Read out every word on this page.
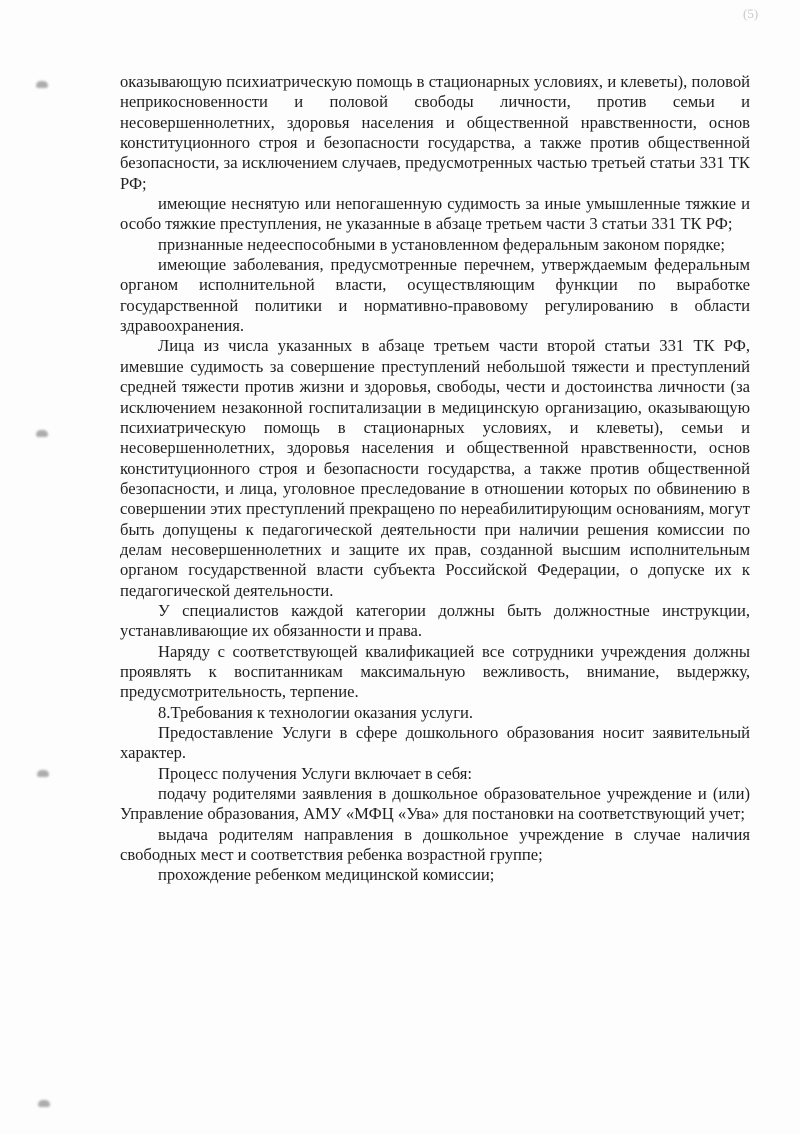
(5)

оказывающую психиатрическую помощь в стационарных условиях, и клеветы), половой неприкосновенности и половой свободы личности, против семьи и несовершеннолетних, здоровья населения и общественной нравственности, основ конституционного строя и безопасности государства, а также против общественной безопасности, за исключением случаев, предусмотренных частью третьей статьи 331 ТК РФ;

имеющие неснятую или непогашенную судимость за иные умышленные тяжкие и особо тяжкие преступления, не указанные в абзаце третьем части 3 статьи 331 ТК РФ;

признанные недееспособными в установленном федеральным законом порядке;

имеющие заболевания, предусмотренные перечнем, утверждаемым федеральным органом исполнительной власти, осуществляющим функции по выработке государственной политики и нормативно-правовому регулированию в области здравоохранения.

Лица из числа указанных в абзаце третьем части второй статьи 331 ТК РФ, имевшие судимость за совершение преступлений небольшой тяжести и преступлений средней тяжести против жизни и здоровья, свободы, чести и достоинства личности (за исключением незаконной госпитализации в медицинскую организацию, оказывающую психиатрическую помощь в стационарных условиях, и клеветы), семьи и несовершеннолетних, здоровья населения и общественной нравственности, основ конституционного строя и безопасности государства, а также против общественной безопасности, и лица, уголовное преследование в отношении которых по обвинению в совершении этих преступлений прекращено по нереабилитирующим основаниям, могут быть допущены к педагогической деятельности при наличии решения комиссии по делам несовершеннолетних и защите их прав, созданной высшим исполнительным органом государственной власти субъекта Российской Федерации, о допуске их к педагогической деятельности.

У специалистов каждой категории должны быть должностные инструкции, устанавливающие их обязанности и права.

Наряду с соответствующей квалификацией все сотрудники учреждения должны проявлять к воспитанникам максимальную вежливость, внимание, выдержку, предусмотрительность, терпение.

8.Требования к технологии оказания услуги.

Предоставление Услуги в сфере дошкольного образования носит заявительный характер.

Процесс получения Услуги включает в себя:

подачу родителями заявления в дошкольное образовательное учреждение и (или) Управление образования, АМУ «МФЦ «Ува» для постановки на соответствующий учет;

выдача родителям направления в дошкольное учреждение в случае наличия свободных мест и соответствия ребенка возрастной группе;

прохождение ребенком медицинской комиссии;
